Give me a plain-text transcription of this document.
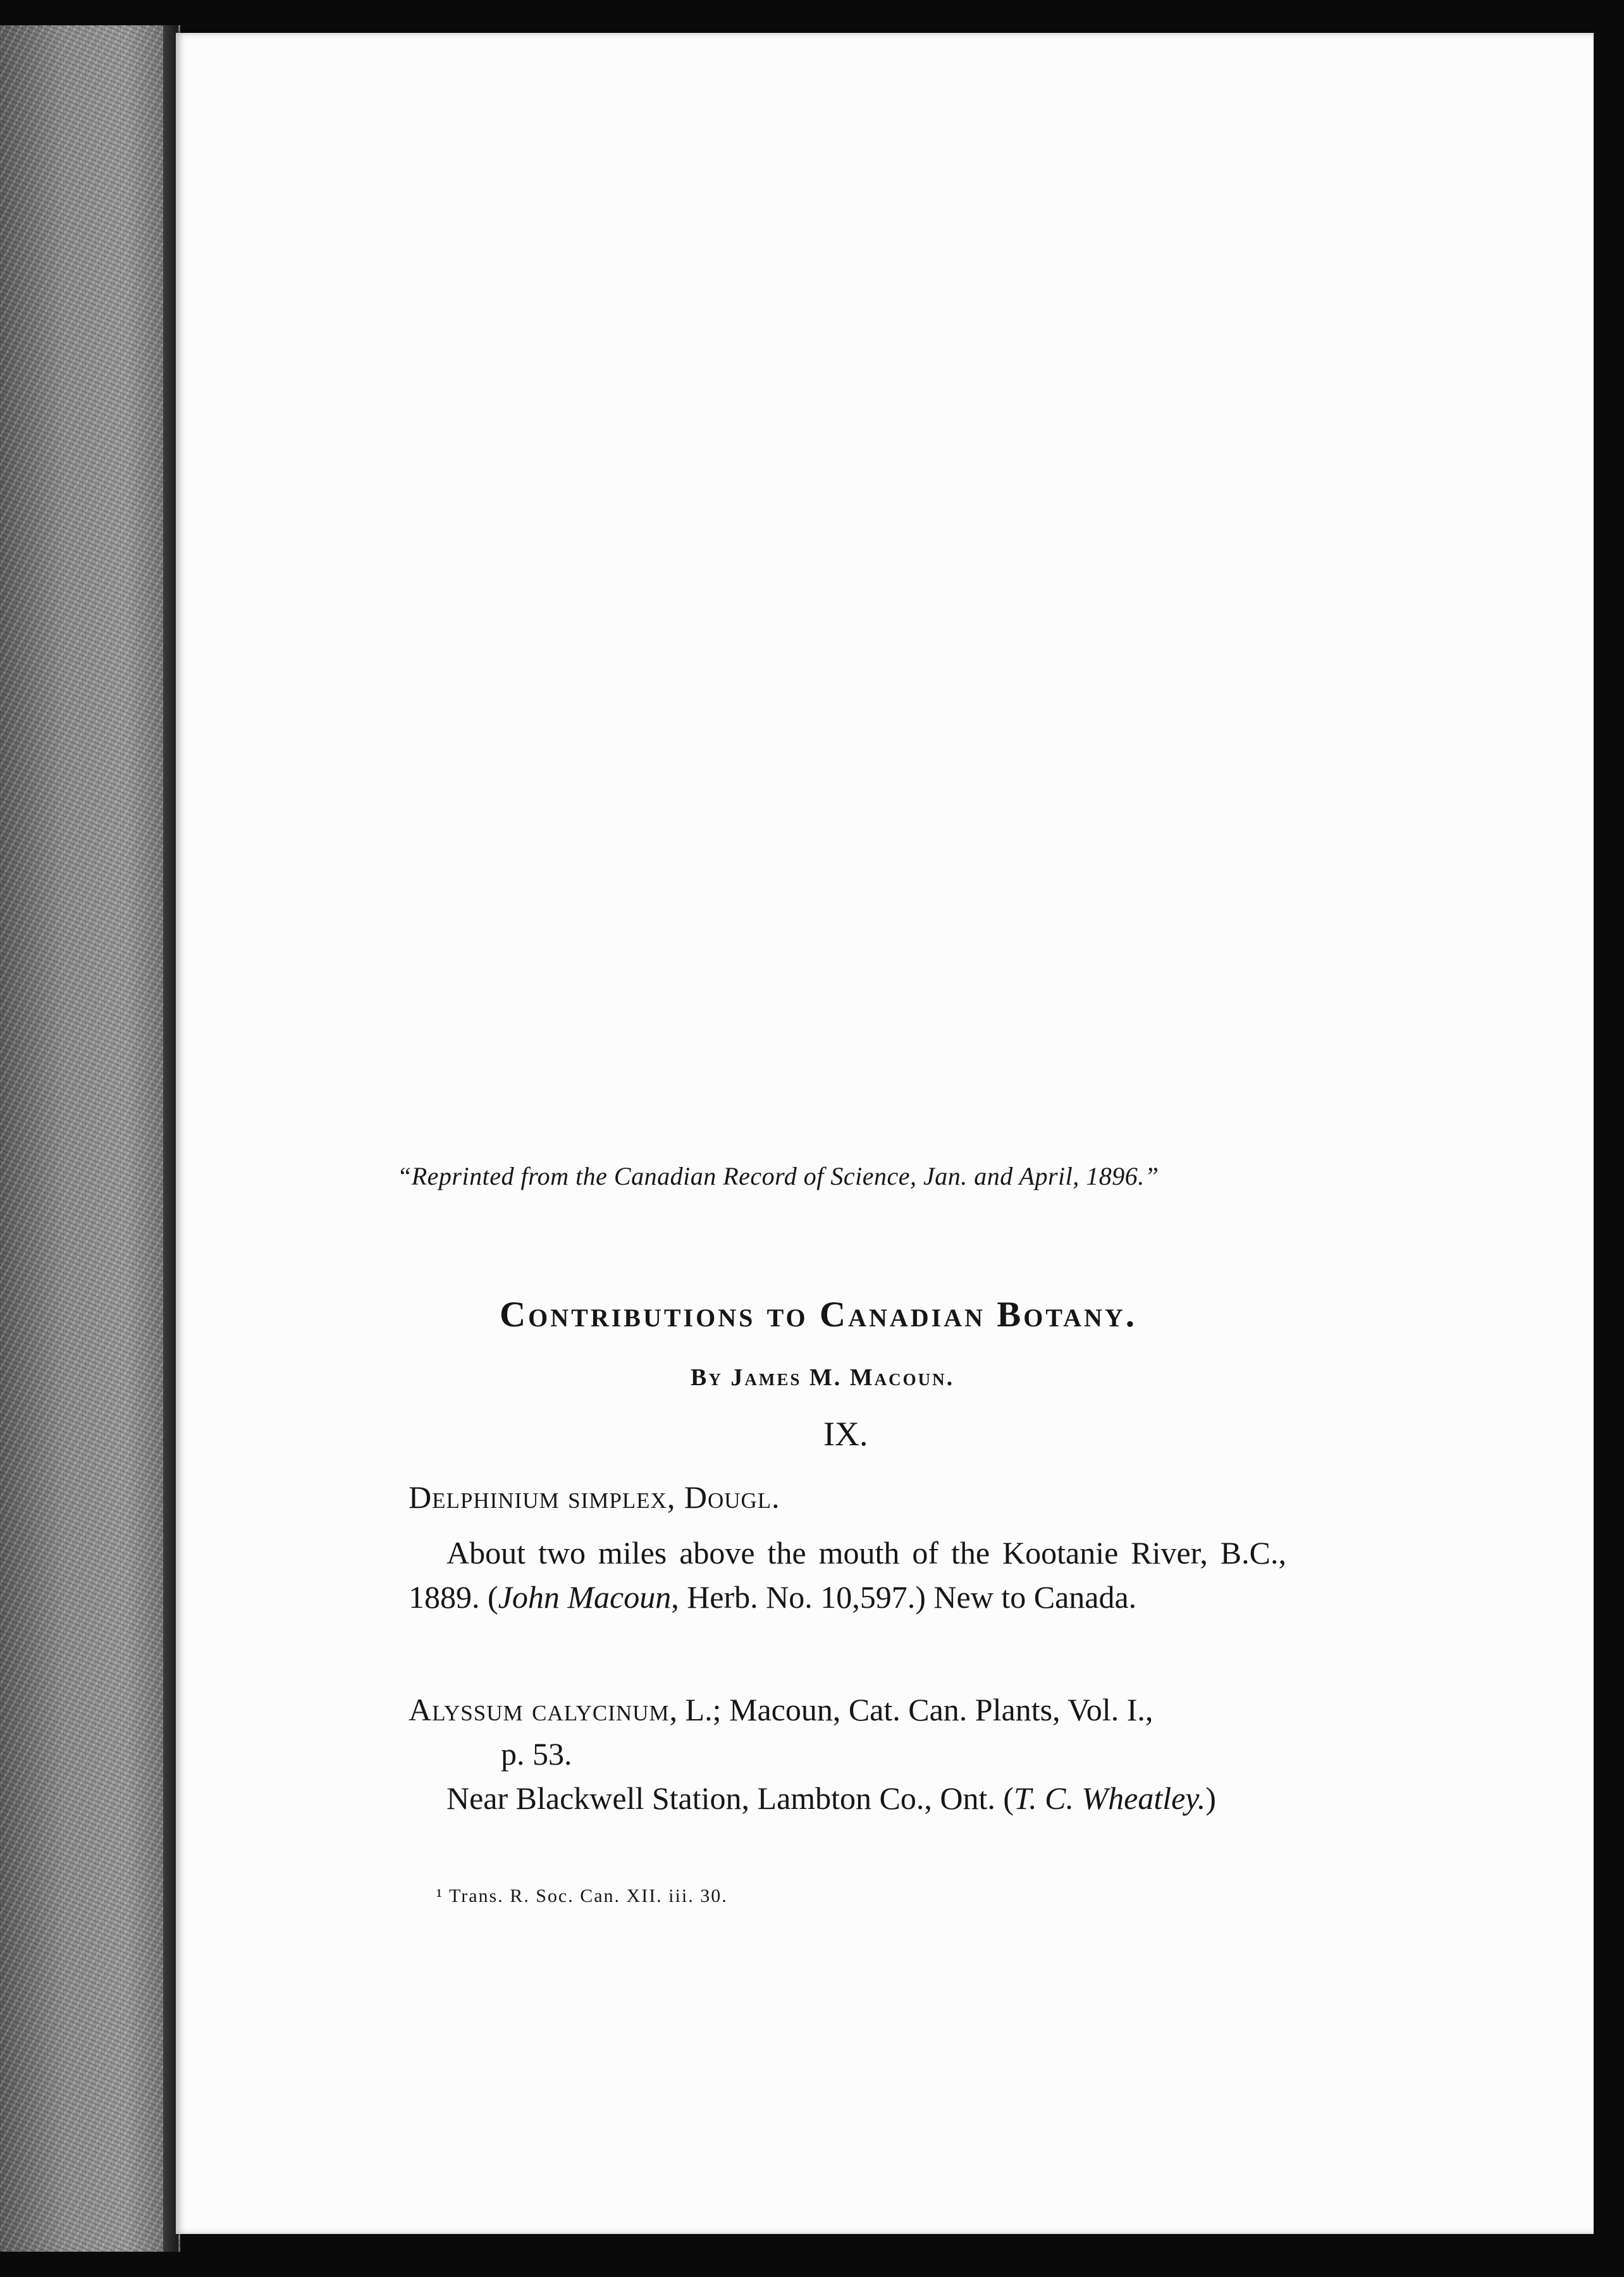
“Reprinted from the Canadian Record of Science, Jan. and April, 1896.”
Contributions to Canadian Botany.
By James M. Macoun.
IX.
Delphinium simplex, Dougl.
About two miles above the mouth of the Kootanie River, B.C., 1889. (John Macoun, Herb. No. 10,597.) New to Canada.
Alyssum calycinum, L.; Macoun, Cat. Can. Plants, Vol. I.,
p. 53.
Near Blackwell Station, Lambton Co., Ont. (T. C. Wheatley.)
¹ Trans. R. Soc. Can. XII. iii. 30.
